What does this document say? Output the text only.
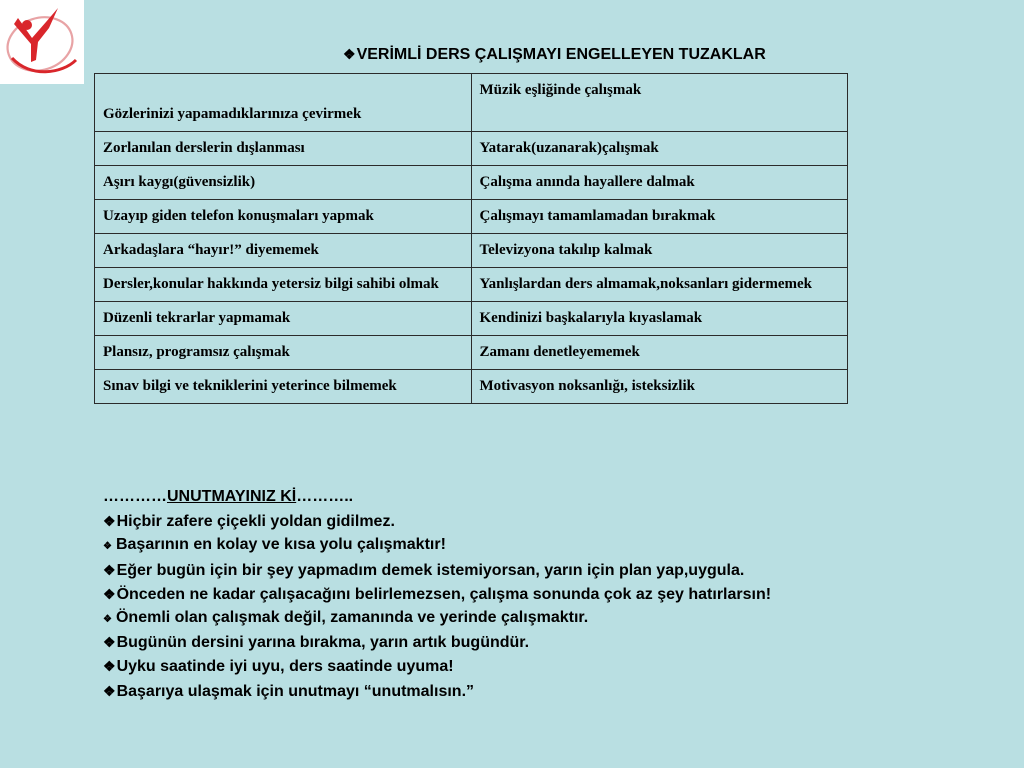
❖VERİMLİ DERS ÇALIŞMAYI ENGELLEYEN TUZAKLAR
Gözlerinizi yapamadıklarınıza çevirmek	Müzik eşliğinde çalışmak
Zorlanılan derslerin dışlanması	Yatarak(uzanarak)çalışmak
Aşırı kaygı(güvensizlik)	Çalışma anında hayallere dalmak

Uzayıp giden telefon konuşmaları yapmak	Çalışmayı tamamlamadan bırakmak
Arkadaşlara “hayır!” diyememek	Televizyona takılıp kalmak

Dersler,konular hakkında yetersiz bilgi sahibi olmak	Yanlışlardan ders almamak,noksanları gidermemek

Düzenli tekrarlar yapmamak	Kendinizi başkalarıyla kıyaslamak
Plansız, programsız çalışmak	Zamanı denetleyememek

Sınav bilgi ve tekniklerini yeterince bilmemek	Motivasyon noksanlığı, isteksizlik
…………UNUTMAYINIZ Kİ………..
❖Hiçbir zafere çiçekli yoldan gidilmez.
❖ Başarının en kolay ve kısa yolu çalışmaktır!
❖Eğer bugün için bir şey yapmadım demek istemiyorsan, yarın için plan yap,uygula.
❖Önceden ne kadar çalışacağını belirlemezsen, çalışma sonunda çok az şey hatırlarsın!
❖ Önemli olan çalışmak değil, zamanında ve yerinde çalışmaktır.
❖Bugünün dersini yarına bırakma, yarın artık bugündür.
❖Uyku saatinde iyi uyu, ders saatinde uyuma!
❖Başarıya ulaşmak için unutmayı “unutmalısın.”
